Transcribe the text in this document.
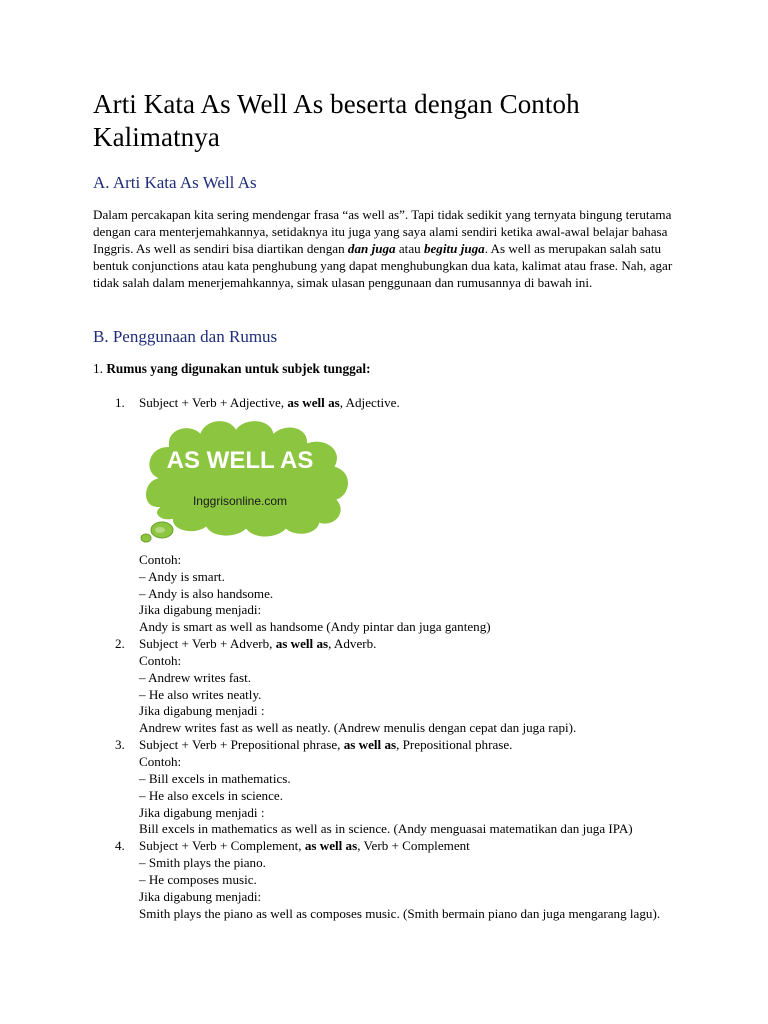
Arti Kata As Well As beserta dengan Contoh Kalimatnya
A. Arti Kata As Well As

Dalam percakapan kita sering mendengar frasa “as well as”. Tapi tidak sedikit yang ternyata bingung terutama dengan cara menterjemahkannya, setidaknya itu juga yang saya alami sendiri ketika awal-awal belajar bahasa Inggris. As well as sendiri bisa diartikan dengan dan juga atau begitu juga. As well as merupakan salah satu bentuk conjunctions atau kata penghubung yang dapat menghubungkan dua kata, kalimat atau frase. Nah, agar tidak salah dalam menerjemahkannya, simak ulasan penggunaan dan rumusannya di bawah ini.

B. Penggunaan dan Rumus

1. Rumus yang digunakan untuk subjek tunggal:

1. Subject + Verb + Adjective, as well as, Adjective.
AS WELL AS
Inggrisonline.com
Contoh:
– Andy is smart.
– Andy is also handsome.
Jika digabung menjadi:
Andy is smart as well as handsome (Andy pintar dan juga ganteng)
2. Subject + Verb + Adverb, as well as, Adverb.
Contoh:
– Andrew writes fast.
– He also writes neatly.
Jika digabung menjadi :
Andrew writes fast as well as neatly. (Andrew menulis dengan cepat dan juga rapi).
3. Subject + Verb + Prepositional phrase, as well as, Prepositional phrase.
Contoh:
– Bill excels in mathematics.
– He also excels in science.
Jika digabung menjadi :
Bill excels in mathematics as well as in science. (Andy menguasai matematikan dan juga IPA)
4. Subject + Verb + Complement, as well as, Verb + Complement
– Smith plays the piano.
– He composes music.
Jika digabung menjadi:
Smith plays the piano as well as composes music. (Smith bermain piano dan juga mengarang lagu).
